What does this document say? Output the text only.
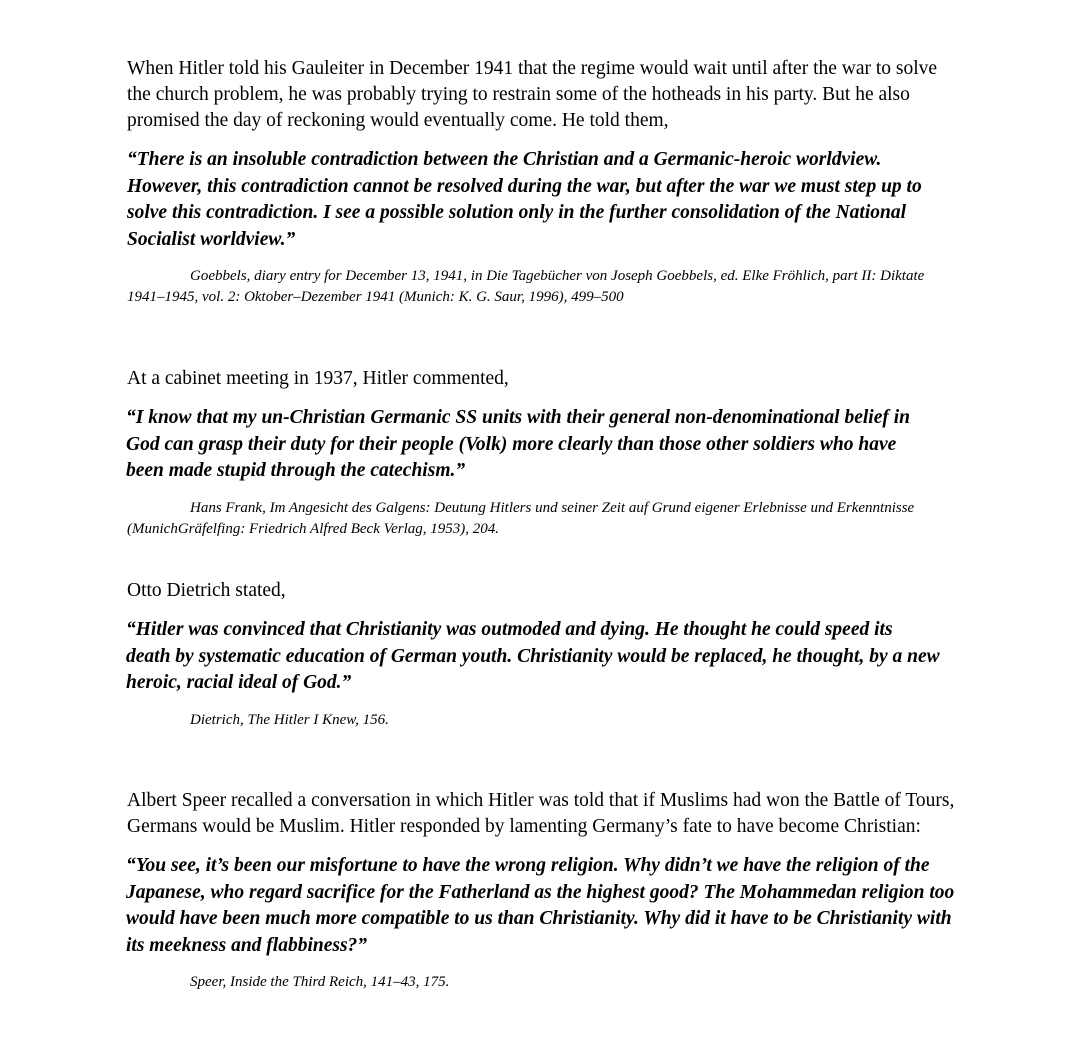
When Hitler told his Gauleiter in December 1941 that the regime would wait until after the war to solve the church problem, he was probably trying to restrain some of the hotheads in his party. But he also promised the day of reckoning would eventually come. He told them,

“There is an insoluble contradiction between the Christian and a Germanic-heroic worldview. However, this contradiction cannot be resolved during the war, but after the war we must step up to solve this contradiction. I see a possible solution only in the further consolidation of the National Socialist worldview.”

Goebbels, diary entry for December 13, 1941, in Die Tagebücher von Joseph Goebbels, ed. Elke Fröhlich, part II: Diktate 1941–1945, vol. 2: Oktober–Dezember 1941 (Munich: K. G. Saur, 1996), 499–500

At a cabinet meeting in 1937, Hitler commented,

“I know that my un-Christian Germanic SS units with their general non-denominational belief in God can grasp their duty for their people (Volk) more clearly than those other soldiers who have been made stupid through the catechism.”

Hans Frank, Im Angesicht des Galgens: Deutung Hitlers und seiner Zeit auf Grund eigener Erlebnisse und Erkenntnisse (MunichGräfelfing: Friedrich Alfred Beck Verlag, 1953), 204.

Otto Dietrich stated,

“Hitler was convinced that Christianity was outmoded and dying. He thought he could speed its death by systematic education of German youth. Christianity would be replaced, he thought, by a new heroic, racial ideal of God.”

Dietrich, The Hitler I Knew, 156.

Albert Speer recalled a conversation in which Hitler was told that if Muslims had won the Battle of Tours, Germans would be Muslim. Hitler responded by lamenting Germany’s fate to have become Christian:

“You see, it’s been our misfortune to have the wrong religion. Why didn’t we have the religion of the Japanese, who regard sacrifice for the Fatherland as the highest good? The Mohammedan religion too would have been much more compatible to us than Christianity. Why did it have to be Christianity with its meekness and flabbiness?”

Speer, Inside the Third Reich, 141–43, 175.
